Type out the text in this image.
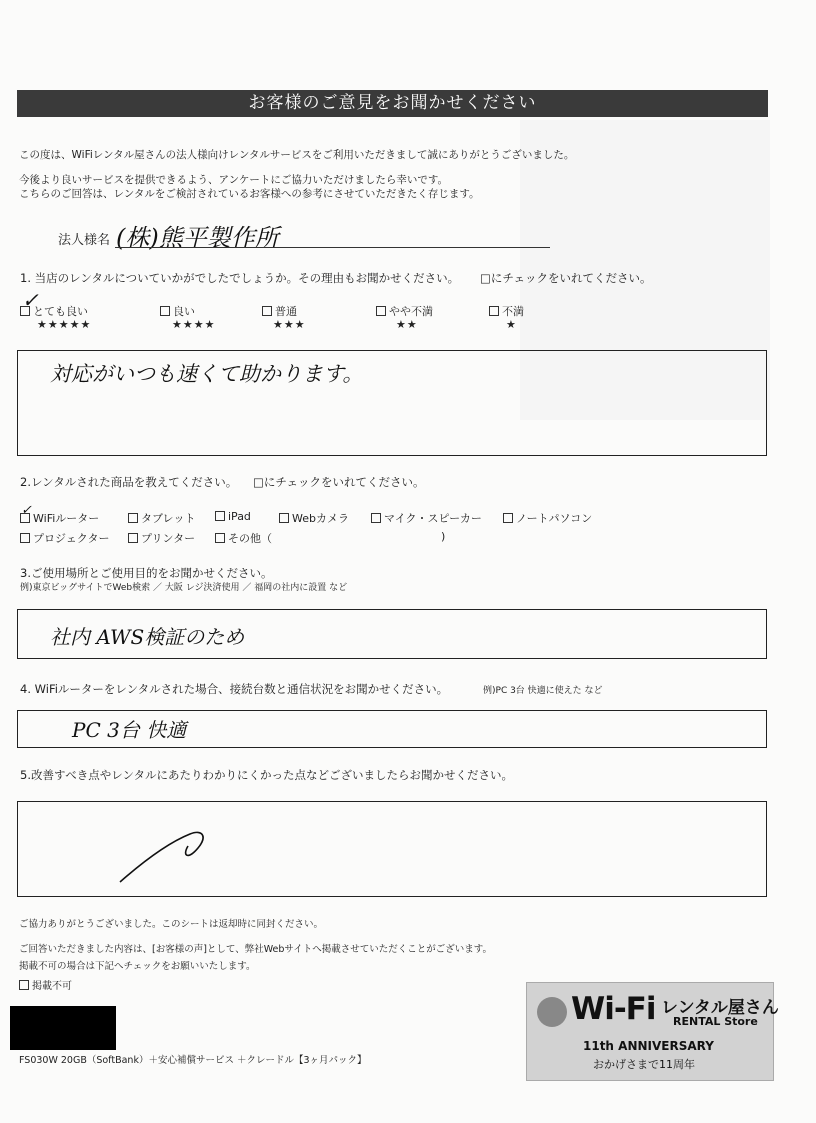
お客様のご意見をお聞かせください
この度は、WiFiレンタル屋さんの法人様向けレンタルサービスをご利用いただきまして誠にありがとうございました。
今後より良いサービスを提供できるよう、アンケートにご協力いただけましたら幸いです。
こちらのご回答は、レンタルをご検討されているお客様への参考にさせていただきたく存じます。
法人様名 (株)熊平製作所
1. 当店のレンタルについていかがでしたでしょうか。その理由もお聞かせください。 □にチェックをいれてください。
とても良い
✓
★★★★★
良い
★★★★
普通
★★★
やや不満
★★
不満
★
対応がいつも速くて助かります。
2.レンタルされた商品を教えてください。 □にチェックをいれてください。
WiFiルーター
✓
タブレット	iPad	Webカメラ	マイク・スピーカー	ノートパソコン
プロジェクター	プリンター	その他（	)
3.ご使用場所とご使用目的をお聞かせください。
例)東京ビッグサイトでWeb検索 ／ 大阪 レジ決済使用 ／ 福岡の社内に設置 など
社内 AWS検証のため
4. WiFiルーターをレンタルされた場合、接続台数と通信状況をお聞かせください。	例)PC 3台 快適に使えた など
PC 3台 快適
5.改善すべき点やレンタルにあたりわかりにくかった点などございましたらお聞かせください。
ご協力ありがとうございました。このシートは返却時に同封ください。
ご回答いただきました内容は、[お客様の声]として、弊社Webサイトへ掲載させていただくことがございます。
掲載不可の場合は下記へチェックをお願いいたします。
掲載不可
FS030W 20GB（SoftBank）＋安心補償サービス ＋クレードル【3ヶ月パック】
Wi-Fi レンタル屋さん
RENTAL Store
11th ANNIVERSARY
おかげさまで11周年
